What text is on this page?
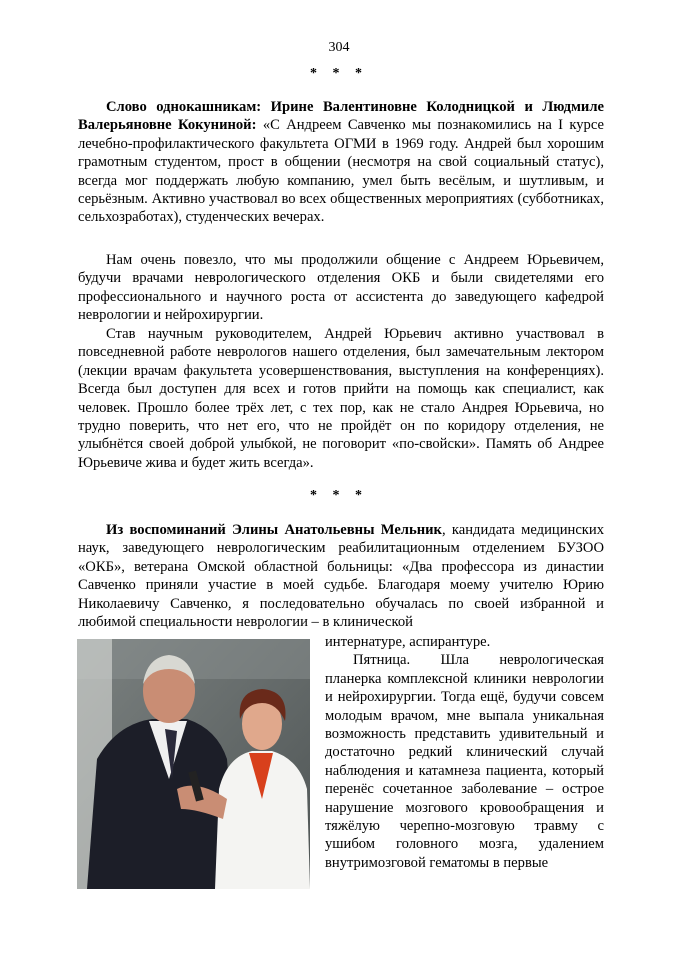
304
* * *

Слово однокашникам: Ирине Валентиновне Колодницкой и Людмиле Валерьяновне Кокуниной: «С Андреем Савченко мы познакомились на I курсе лечебно-профилактического факультета ОГМИ в 1969 году. Андрей был хорошим грамотным студентом, прост в общении (несмотря на свой социальный статус), всегда мог поддержать любую компанию, умел быть весёлым, и шутливым, и серьёзным. Активно участвовал во всех общественных мероприятиях (субботниках, сельхозработах), студенческих вечерах.

Нам очень повезло, что мы продолжили общение с Андреем Юрьевичем, будучи врачами неврологического отделения ОКБ и были свидетелями его профессионального и научного роста от ассистента до заведующего кафедрой неврологии и нейрохирургии.

Став научным руководителем, Андрей Юрьевич активно участвовал в повседневной работе неврологов нашего отделения, был замечательным лектором (лекции врачам факультета усовершенствования, выступления на конференциях). Всегда был доступен для всех и готов прийти на помощь как специалист, как человек. Прошло более трёх лет, с тех пор, как не стало Андрея Юрьевича, но трудно поверить, что нет его, что не пройдёт он по коридору отделения, не улыбнётся своей доброй улыбкой, не поговорит «по-свойски». Память об Андрее Юрьевиче жива и будет жить всегда».

* * *

Из воспоминаний Элины Анатольевны Мельник, кандидата медицинских наук, заведующего неврологическим реабилитационным отделением БУЗОО «ОКБ», ветерана Омской областной больницы: «Два профессора из династии Савченко приняли участие в моей судьбе. Благодаря моему учителю Юрию Николаевичу Савченко, я последовательно обучалась по своей избранной и любимой специальности неврологии – в клинической

интернатуре, аспирантуре.
Пятница. Шла неврологическая планерка комплексной клиники неврологии и нейрохирургии. Тогда ещё, будучи совсем молодым врачом, мне выпала уникальная возможность представить удивительный и достаточно редкий клинический случай наблюдения и катамнеза пациента, который перенёс сочетанное заболевание – острое нарушение мозгового кровообращения и тяжёлую черепно-мозговую травму с ушибом головного мозга, удалением внутримозговой гематомы в первые
